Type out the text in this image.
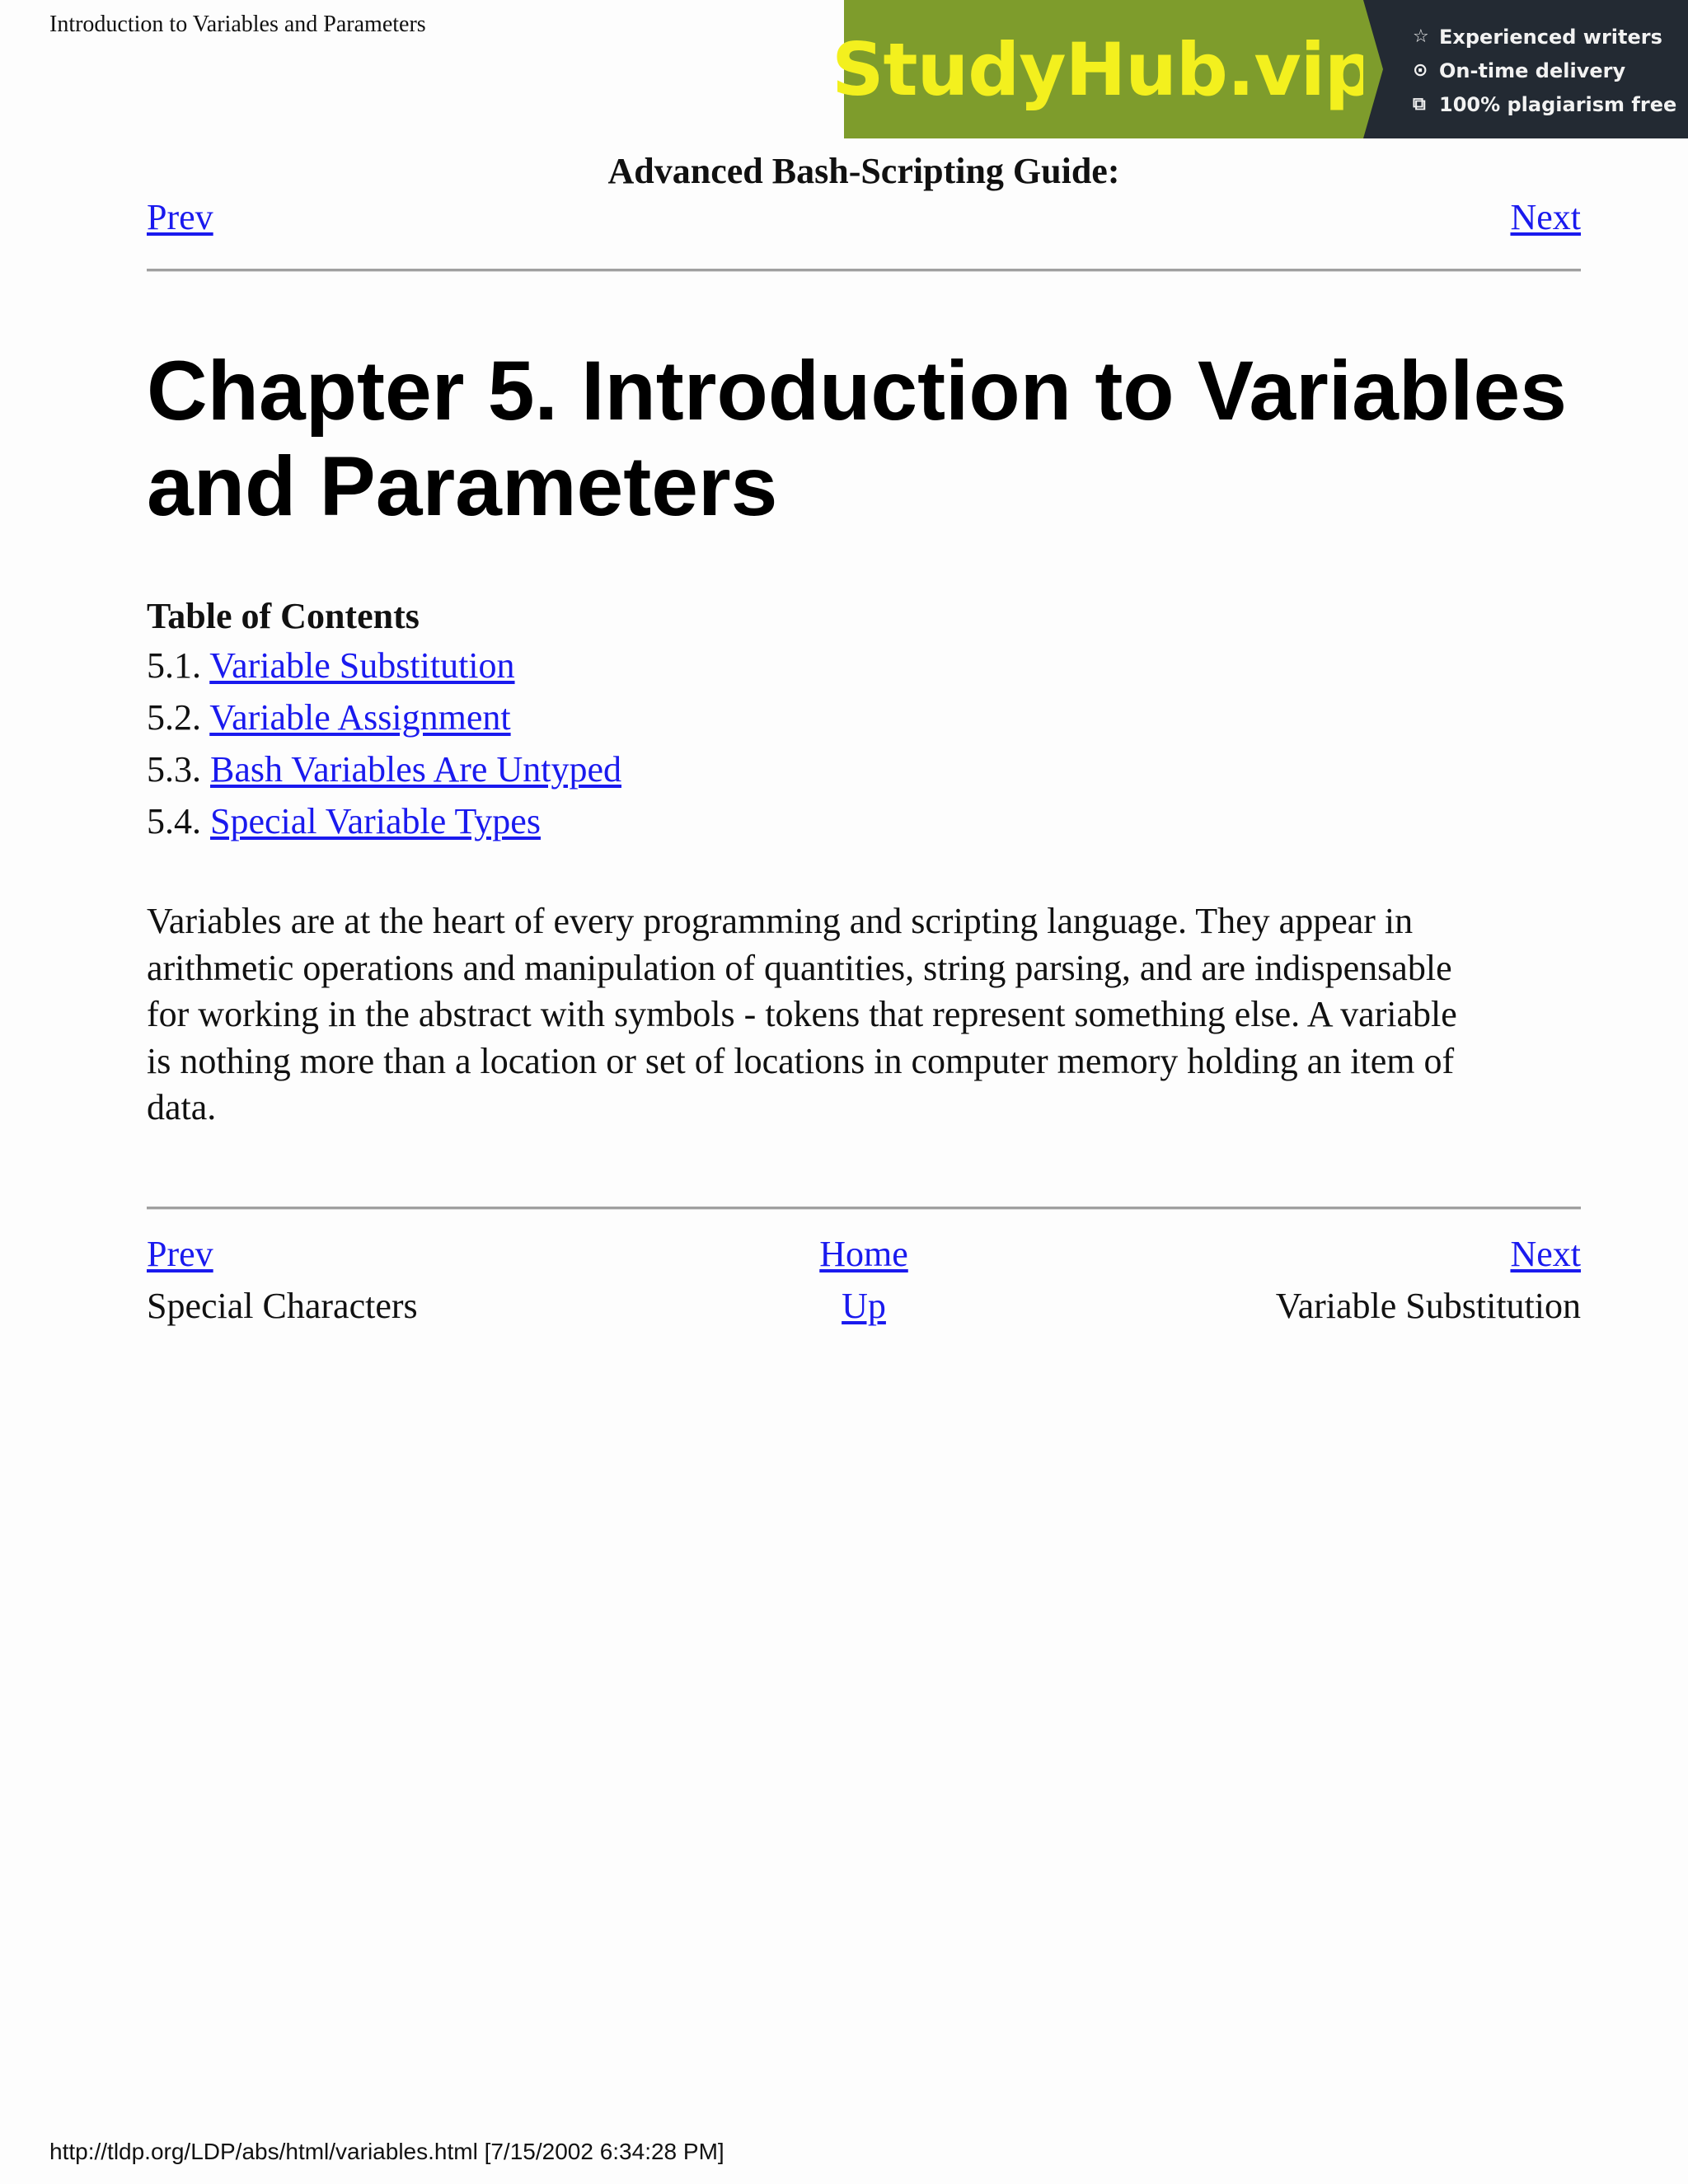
Introduction to Variables and Parameters
StudyHub.vip ☆ Experienced writers
⊙ On-time delivery
⧉ 100% plagiarism free
Advanced Bash-Scripting Guide:
Prev	Next
Chapter 5. Introduction to Variables
and Parameters
Table of Contents
5.1. Variable Substitution
5.2. Variable Assignment
5.3. Bash Variables Are Untyped
5.4. Special Variable Types

Variables are at the heart of every programming and scripting language. They appear in
arithmetic operations and manipulation of quantities, string parsing, and are indispensable
for working in the abstract with symbols - tokens that represent something else. A variable
is nothing more than a location or set of locations in computer memory holding an item of
data.

Prev	Home	Next
Special Characters	Up	Variable Substitution
http://tldp.org/LDP/abs/html/variables.html [7/15/2002 6:34:28 PM]
